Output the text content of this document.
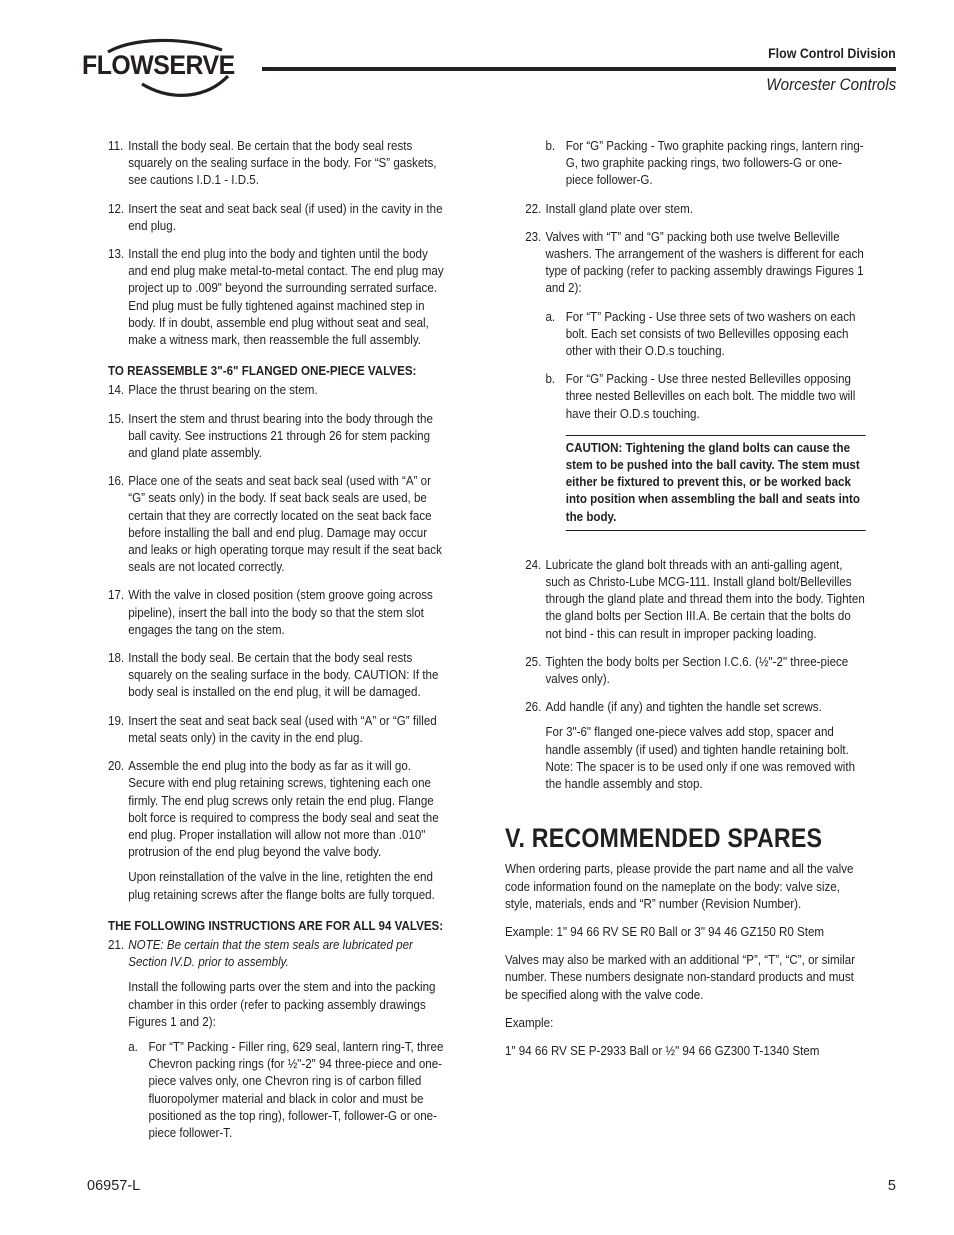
FLOWSERVE	Flow Control Division
Worcester Controls
11. Install the body seal. Be certain that the body seal rests squarely on the sealing surface in the body. For “S” gaskets, see cautions I.D.1 - I.D.5.
12. Insert the seat and seat back seal (if used) in the cavity in the end plug.
13. Install the end plug into the body and tighten until the body and end plug make metal-to-metal contact. The end plug may project up to .009" beyond the surrounding serrated surface. End plug must be fully tightened against machined step in body. If in doubt, assemble end plug without seat and seal, make a witness mark, then reassemble the full assembly.
TO REASSEMBLE 3"-6" FLANGED ONE-PIECE VALVES:
14. Place the thrust bearing on the stem.
15. Insert the stem and thrust bearing into the body through the ball cavity. See instructions 21 through 26 for stem packing and gland plate assembly.
16. Place one of the seats and seat back seal (used with “A” or “G” seats only) in the body. If seat back seals are used, be certain that they are correctly located on the seat back face before installing the ball and end plug. Damage may occur and leaks or high operating torque may result if the seat back seals are not located correctly.
17. With the valve in closed position (stem groove going across pipeline), insert the ball into the body so that the stem slot engages the tang on the stem.
18. Install the body seal. Be certain that the body seal rests squarely on the sealing surface in the body. CAUTION: If the body seal is installed on the end plug, it will be damaged.
19. Insert the seat and seat back seal (used with “A” or “G” filled metal seats only) in the cavity in the end plug.
20. Assemble the end plug into the body as far as it will go. Secure with end plug retaining screws, tightening each one firmly. The end plug screws only retain the end plug. Flange bolt force is required to compress the body seal and seat the end plug. Proper installation will allow not more than .010" protrusion of the end plug beyond the valve body.
Upon reinstallation of the valve in the line, retighten the end plug retaining screws after the flange bolts are fully torqued.
THE FOLLOWING INSTRUCTIONS ARE FOR ALL 94 VALVES:
21. NOTE: Be certain that the stem seals are lubricated per Section IV.D. prior to assembly.
Install the following parts over the stem and into the packing chamber in this order (refer to packing assembly drawings Figures 1 and 2):
a. For “T” Packing - Filler ring, 629 seal, lantern ring-T, three Chevron packing rings (for ½"-2" 94 three-piece and one-piece valves only, one Chevron ring is of carbon filled fluoropolymer material and black in color and must be positioned as the top ring), follower-T, follower-G or one-piece follower-T.
b. For “G” Packing - Two graphite packing rings, lantern ring-G, two graphite packing rings, two followers-G or one-piece follower-G.
22. Install gland plate over stem.
23. Valves with “T” and “G” packing both use twelve Belleville washers. The arrangement of the washers is different for each type of packing (refer to packing assembly drawings Figures 1 and 2):
a. For “T” Packing - Use three sets of two washers on each bolt. Each set consists of two Bellevilles opposing each other with their O.D.s touching.
b. For “G” Packing - Use three nested Bellevilles opposing three nested Bellevilles on each bolt. The middle two will have their O.D.s touching.
CAUTION: Tightening the gland bolts can cause the stem to be pushed into the ball cavity. The stem must either be fixtured to prevent this, or be worked back into position when assembling the ball and seats into the body.
24. Lubricate the gland bolt threads with an anti-galling agent, such as Christo-Lube MCG-111. Install gland bolt/Bellevilles through the gland plate and thread them into the body. Tighten the gland bolts per Section III.A. Be certain that the bolts do not bind - this can result in improper packing loading.
25. Tighten the body bolts per Section I.C.6. (½"-2" three-piece valves only).
26. Add handle (if any) and tighten the handle set screws.
For 3"-6" flanged one-piece valves add stop, spacer and handle assembly (if used) and tighten handle retaining bolt. Note: The spacer is to be used only if one was removed with the handle assembly and stop.
V. RECOMMENDED SPARES

When ordering parts, please provide the part name and all the valve code information found on the nameplate on the body: valve size, style, materials, ends and “R” number (Revision Number).

Example: 1" 94 66 RV SE R0 Ball or 3" 94 46 GZ150 R0 Stem

Valves may also be marked with an additional “P”, “T”, “C”, or similar number. These numbers designate non-standard products and must be specified along with the valve code.

Example:

1" 94 66 RV SE P-2933 Ball or ½" 94 66 GZ300 T-1340 Stem

06957-L	5
